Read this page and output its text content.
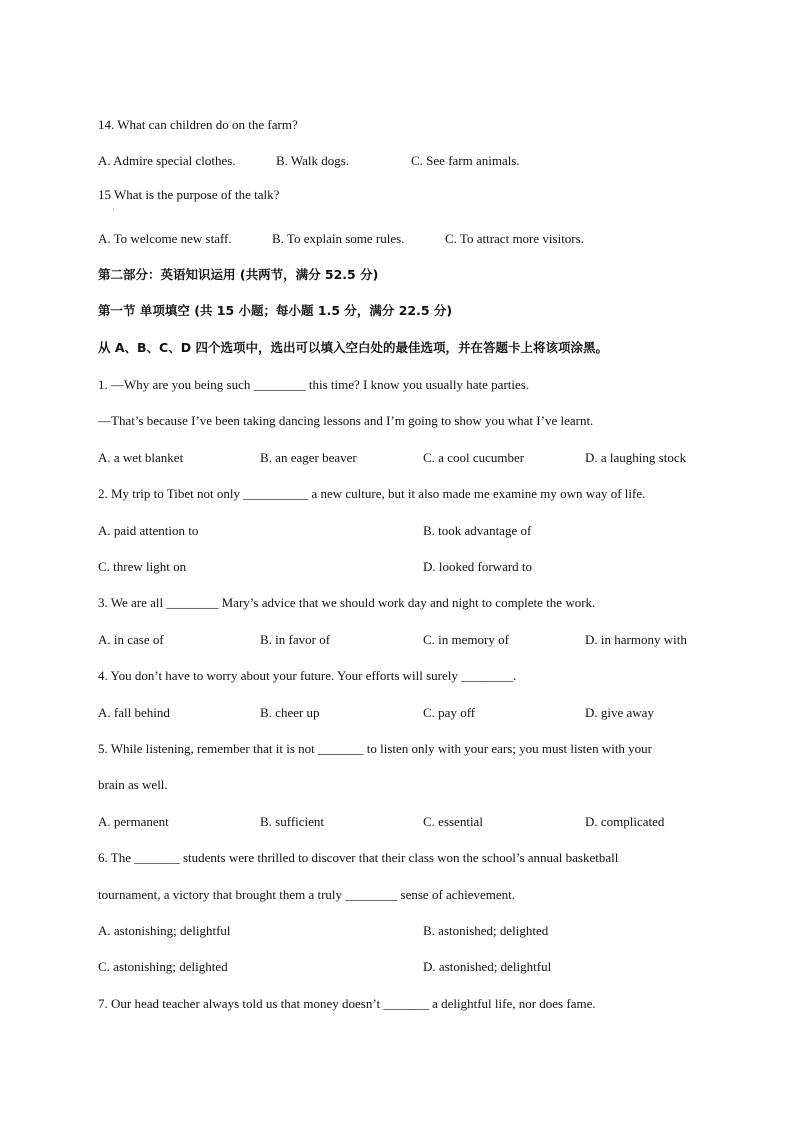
14. What can children do on the farm?
A. Admire special clothes.	B. Walk dogs.	C. See farm animals.
15 What is the purpose of the talk?
·
A. To welcome new staff.	B. To explain some rules.	C. To attract more visitors.
第二部分：英语知识运用 (共两节，满分 52.5 分)
第一节 单项填空 (共 15 小题；每小题 1.5 分，满分 22.5 分)
从 A、B、C、D 四个选项中，选出可以填入空白处的最佳选项，并在答题卡上将该项涂黑。
1. —Why are you being such ________ this time? I know you usually hate parties.
—That’s because I’ve been taking dancing lessons and I’m going to show you what I’ve learnt.
A. a wet blanket	B. an eager beaver	C. a cool cucumber	D. a laughing stock
2. My trip to Tibet not only __________ a new culture, but it also made me examine my own way of life.
A. paid attention to	B. took advantage of
C. threw light on	D. looked forward to
3. We are all ________ Mary’s advice that we should work day and night to complete the work.
A. in case of	B. in favor of	C. in memory of	D. in harmony with
4. You don’t have to worry about your future. Your efforts will surely ________.
A. fall behind	B. cheer up	C. pay off	D. give away
5. While listening, remember that it is not _______ to listen only with your ears; you must listen with your
brain as well.
A. permanent	B. sufficient	C. essential	D. complicated
6. The _______ students were thrilled to discover that their class won the school’s annual basketball
tournament, a victory that brought them a truly ________ sense of achievement.
A. astonishing; delightful	B. astonished; delighted
C. astonishing; delighted	D. astonished; delightful
7. Our head teacher always told us that money doesn’t _______ a delightful life, nor does fame.
